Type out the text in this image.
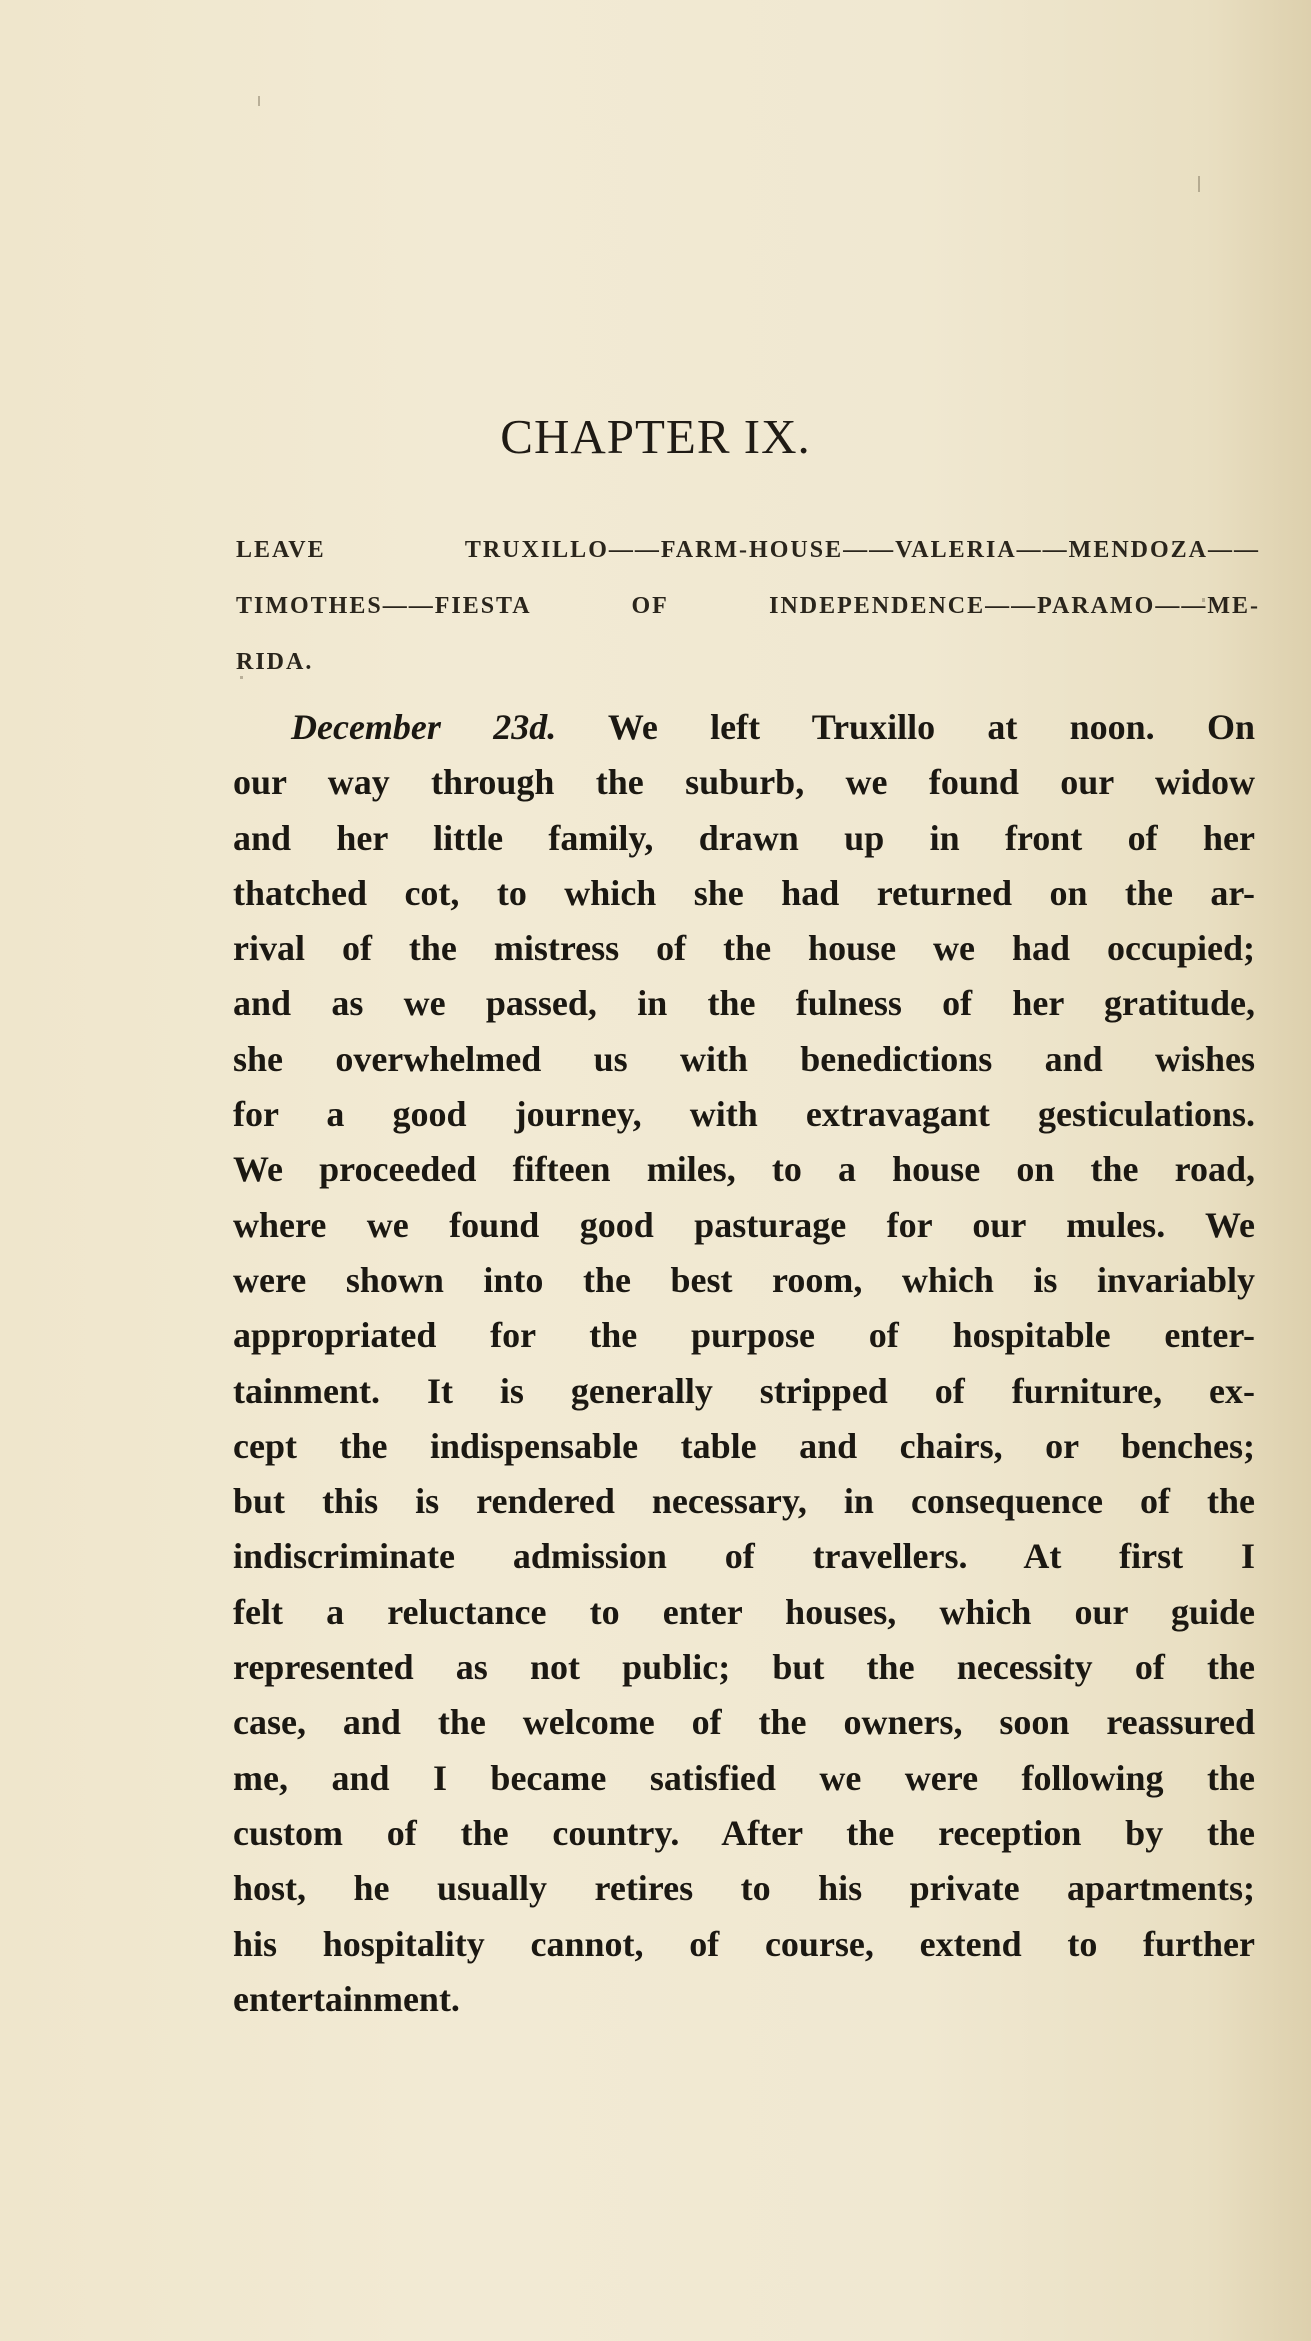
CHAPTER IX.
LEAVE TRUXILLO——FARM-HOUSE——VALERIA——MENDOZA——
TIMOTHES——FIESTA OF INDEPENDENCE——PARAMO——ME-
RIDA.
December 23d. We left Truxillo at noon. On
our way through the suburb, we found our widow
and her little family, drawn up in front of her
thatched cot, to which she had returned on the ar-
rival of the mistress of the house we had occupied;
and as we passed, in the fulness of her gratitude,
she overwhelmed us with benedictions and wishes
for a good journey, with extravagant gesticulations.
We proceeded fifteen miles, to a house on the road,
where we found good pasturage for our mules. We
were shown into the best room, which is invariably
appropriated for the purpose of hospitable enter-
tainment. It is generally stripped of furniture, ex-
cept the indispensable table and chairs, or benches;
but this is rendered necessary, in consequence of the
indiscriminate admission of travellers. At first I
felt a reluctance to enter houses, which our guide
represented as not public; but the necessity of the
case, and the welcome of the owners, soon reassured
me, and I became satisfied we were following the
custom of the country. After the reception by the
host, he usually retires to his private apartments;
his hospitality cannot, of course, extend to further
entertainment.
